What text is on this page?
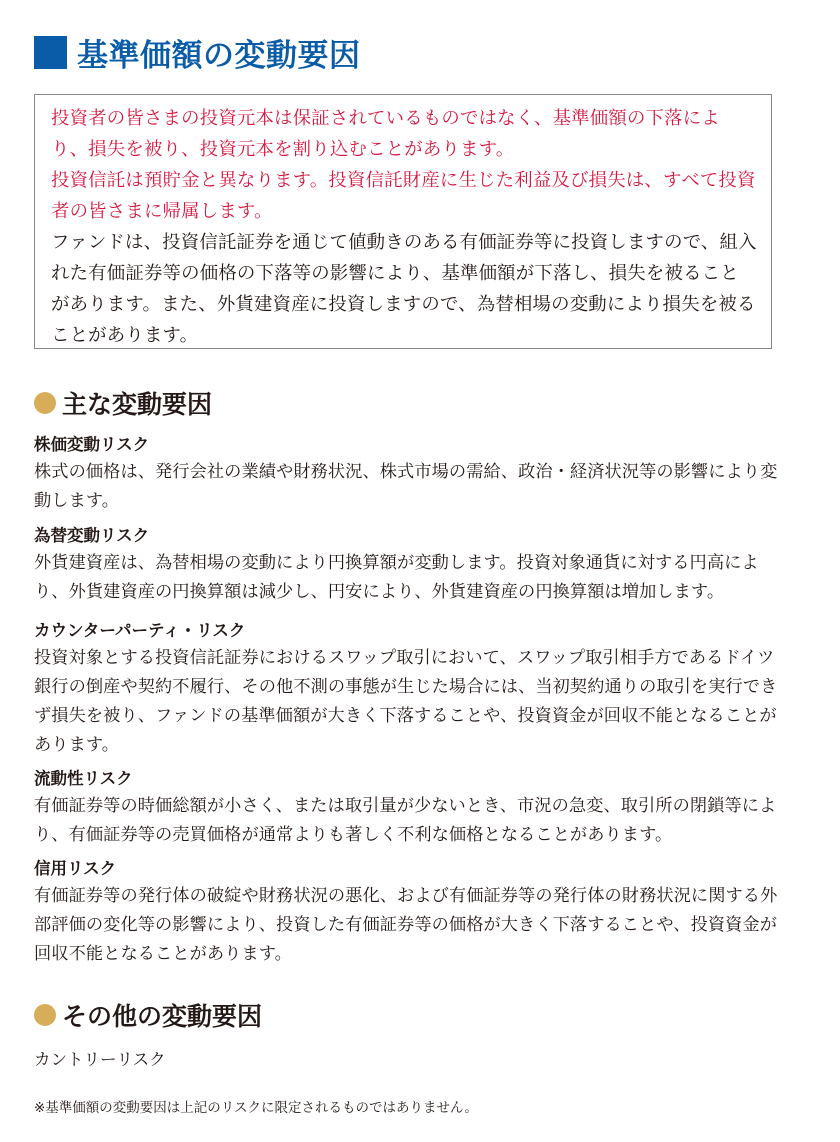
基準価額の変動要因

投資者の皆さまの投資元本は保証されているものではなく、基準価額の下落により、損失を被り、投資元本を割り込むことがあります。

投資信託は預貯金と異なります。投資信託財産に生じた利益及び損失は、すべて投資者の皆さまに帰属します。

ファンドは、投資信託証券を通じて値動きのある有価証券等に投資しますので、組入れた有価証券等の価格の下落等の影響により、基準価額が下落し、損失を被ることがあります。また、外貨建資産に投資しますので、為替相場の変動により損失を被ることがあります。

主な変動要因

株価変動リスク

株式の価格は、発行会社の業績や財務状況、株式市場の需給、政治・経済状況等の影響により変動します。

為替変動リスク

外貨建資産は、為替相場の変動により円換算額が変動します。投資対象通貨に対する円高により、外貨建資産の円換算額は減少し、円安により、外貨建資産の円換算額は増加します。

カウンターパーティ・リスク

投資対象とする投資信託証券におけるスワップ取引において、スワップ取引相手方であるドイツ銀行の倒産や契約不履行、その他不測の事態が生じた場合には、当初契約通りの取引を実行できず損失を被り、ファンドの基準価額が大きく下落することや、投資資金が回収不能となることがあります。

流動性リスク

有価証券等の時価総額が小さく、または取引量が少ないとき、市況の急変、取引所の閉鎖等により、有価証券等の売買価格が通常よりも著しく不利な価格となることがあります。

信用リスク

有価証券等の発行体の破綻や財務状況の悪化、および有価証券等の発行体の財務状況に関する外部評価の変化等の影響により、投資した有価証券等の価格が大きく下落することや、投資資金が回収不能となることがあります。

その他の変動要因
カントリーリスク
※基準価額の変動要因は上記のリスクに限定されるものではありません。
